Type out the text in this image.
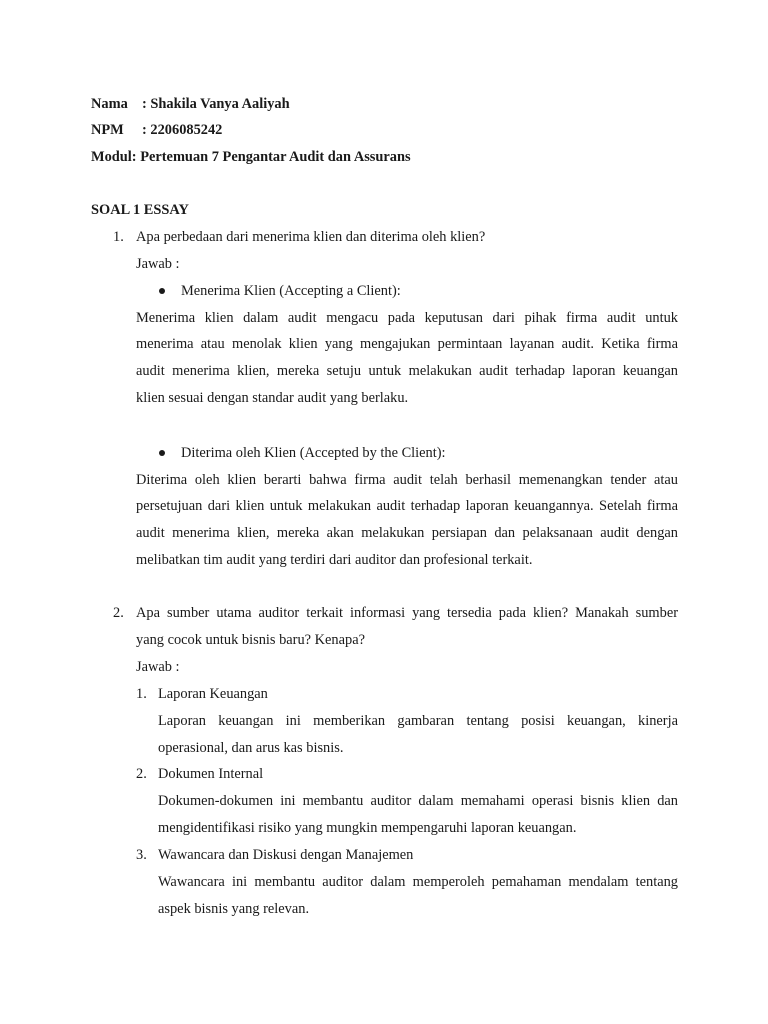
Nama : Shakila Vanya Aaliyah
NPM : 2206085242
Modul: Pertemuan 7 Pengantar Audit dan Assurans
SOAL 1 ESSAY
1. Apa perbedaan dari menerima klien dan diterima oleh klien?
Jawab :
Menerima Klien (Accepting a Client):
Menerima klien dalam audit mengacu pada keputusan dari pihak firma audit untuk
menerima atau menolak klien yang mengajukan permintaan layanan audit. Ketika firma
audit menerima klien, mereka setuju untuk melakukan audit terhadap laporan keuangan
klien sesuai dengan standar audit yang berlaku.
Diterima oleh Klien (Accepted by the Client):
Diterima oleh klien berarti bahwa firma audit telah berhasil memenangkan tender atau
persetujuan dari klien untuk melakukan audit terhadap laporan keuangannya. Setelah firma
audit menerima klien, mereka akan melakukan persiapan dan pelaksanaan audit dengan
melibatkan tim audit yang terdiri dari auditor dan profesional terkait.
2. Apa sumber utama auditor terkait informasi yang tersedia pada klien? Manakah sumber
yang cocok untuk bisnis baru? Kenapa?
Jawab :
1. Laporan Keuangan
Laporan keuangan ini memberikan gambaran tentang posisi keuangan, kinerja
operasional, dan arus kas bisnis.
2. Dokumen Internal
Dokumen-dokumen ini membantu auditor dalam memahami operasi bisnis klien dan
mengidentifikasi risiko yang mungkin mempengaruhi laporan keuangan.
3. Wawancara dan Diskusi dengan Manajemen
Wawancara ini membantu auditor dalam memperoleh pemahaman mendalam tentang
aspek bisnis yang relevan.
